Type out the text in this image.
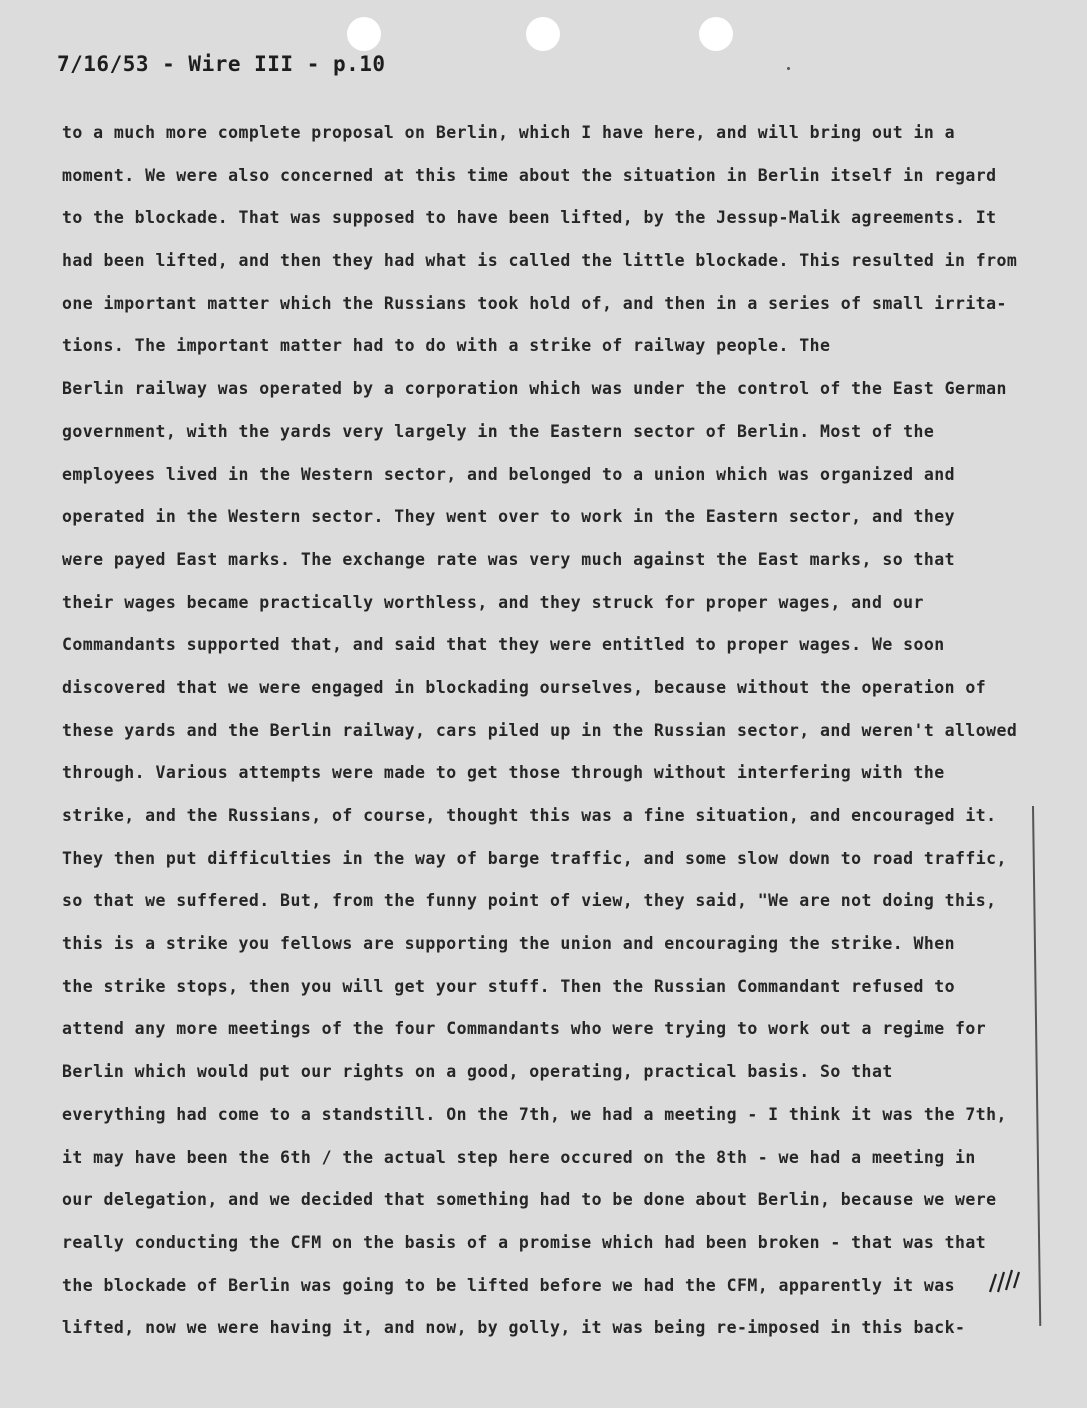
7/16/53 - Wire III - p.10
to a much more complete proposal on Berlin, which I have here, and will bring out in a
moment. We were also concerned at this time about the situation in Berlin itself in regard
to the blockade. That was supposed to have been lifted, by the Jessup-Malik agreements. It
had been lifted, and then they had what is called the little blockade. This resulted in from
one important matter which the Russians took hold of, and then in a series of small irrita-
tions. The important matter had to do with a strike of railway people. The
Berlin railway was operated by a corporation which was under the control of the East German
government, with the yards very largely in the Eastern sector of Berlin. Most of the
employees lived in the Western sector, and belonged to a union which was organized and
operated in the Western sector. They went over to work in the Eastern sector, and they
were payed East marks. The exchange rate was very much against the East marks, so that
their wages became practically worthless, and they struck for proper wages, and our
Commandants supported that, and said that they were entitled to proper wages. We soon
discovered that we were engaged in blockading ourselves, because without the operation of
these yards and the Berlin railway, cars piled up in the Russian sector, and weren't allowed
through. Various attempts were made to get those through without interfering with the
strike, and the Russians, of course, thought this was a fine situation, and encouraged it.
They then put difficulties in the way of barge traffic, and some slow down to road traffic,
so that we suffered. But, from the funny point of view, they said, "We are not doing this,
this is a strike you fellows are supporting the union and encouraging the strike. When
the strike stops, then you will get your stuff. Then the Russian Commandant refused to
attend any more meetings of the four Commandants who were trying to work out a regime for
Berlin which would put our rights on a good, operating, practical basis. So that
everything had come to a standstill. On the 7th, we had a meeting - I think it was the 7th,
it may have been the 6th / the actual step here occured on the 8th - we had a meeting in
our delegation, and we decided that something had to be done about Berlin, because we were
really conducting the CFM on the basis of a promise which had been broken - that was that
the blockade of Berlin was going to be lifted before we had the CFM, apparently it was
lifted, now we were having it, and now, by golly, it was being re-imposed in this back-
